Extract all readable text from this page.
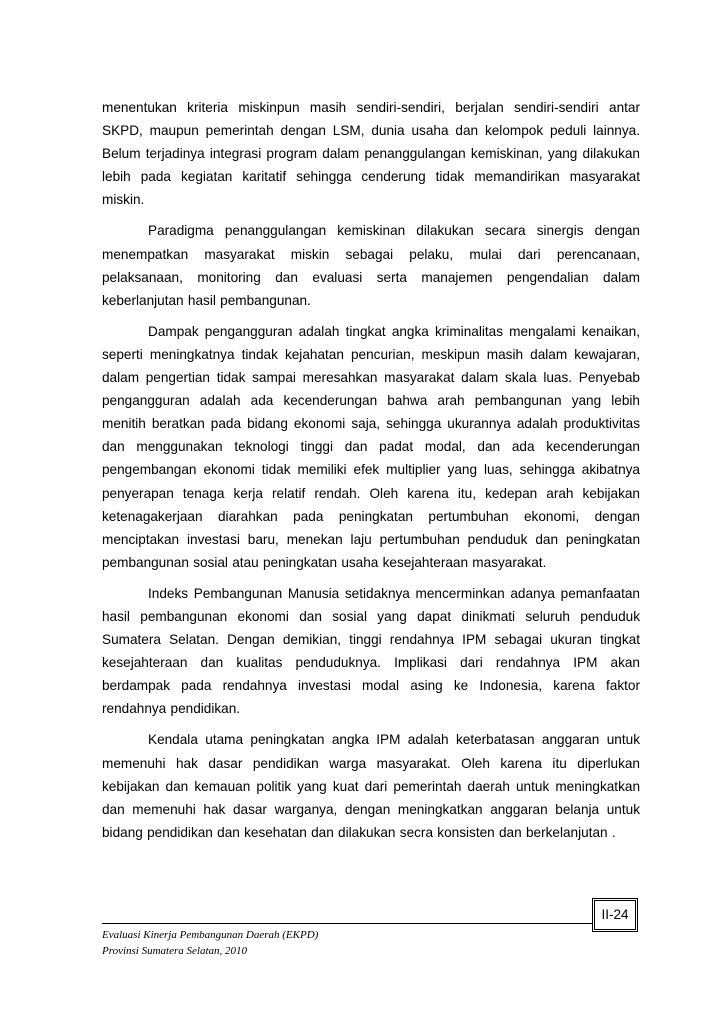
menentukan kriteria miskinpun masih sendiri-sendiri, berjalan sendiri-sendiri antar SKPD, maupun pemerintah dengan LSM, dunia usaha dan kelompok peduli lainnya. Belum terjadinya integrasi program dalam penanggulangan kemiskinan, yang dilakukan lebih pada kegiatan karitatif sehingga cenderung tidak memandirikan masyarakat miskin.

Paradigma penanggulangan kemiskinan dilakukan secara sinergis dengan menempatkan masyarakat miskin sebagai pelaku, mulai dari perencanaan, pelaksanaan, monitoring dan evaluasi serta manajemen pengendalian dalam keberlanjutan hasil pembangunan.

Dampak pengangguran adalah tingkat angka kriminalitas mengalami kenaikan, seperti meningkatnya tindak kejahatan pencurian, meskipun masih dalam kewajaran, dalam pengertian tidak sampai meresahkan masyarakat dalam skala luas. Penyebab pengangguran adalah ada kecenderungan bahwa arah pembangunan yang lebih menitih beratkan pada bidang ekonomi saja, sehingga ukurannya adalah produktivitas dan menggunakan teknologi tinggi dan padat modal, dan ada kecenderungan pengembangan ekonomi tidak memiliki efek multiplier yang luas, sehingga akibatnya penyerapan tenaga kerja relatif rendah. Oleh karena itu, kedepan arah kebijakan ketenagakerjaan diarahkan pada peningkatan pertumbuhan ekonomi, dengan menciptakan investasi baru, menekan laju pertumbuhan penduduk dan peningkatan pembangunan sosial atau peningkatan usaha kesejahteraan masyarakat.

Indeks Pembangunan Manusia setidaknya mencerminkan adanya pemanfaatan hasil pembangunan ekonomi dan sosial yang dapat dinikmati seluruh penduduk Sumatera Selatan. Dengan demikian, tinggi rendahnya IPM sebagai ukuran tingkat kesejahteraan dan kualitas penduduknya. Implikasi dari rendahnya IPM akan berdampak pada rendahnya investasi modal asing ke Indonesia, karena faktor rendahnya pendidikan.

Kendala utama peningkatan angka IPM adalah keterbatasan anggaran untuk memenuhi hak dasar pendidikan warga masyarakat. Oleh karena itu diperlukan kebijakan dan kemauan politik yang kuat dari pemerintah daerah untuk meningkatkan dan memenuhi hak dasar warganya, dengan meningkatkan anggaran belanja untuk bidang pendidikan dan kesehatan dan dilakukan secra konsisten dan berkelanjutan .

II-24
Evaluasi Kinerja Pembangunan Daerah (EKPD)
Provinsi Sumatera Selatan, 2010
